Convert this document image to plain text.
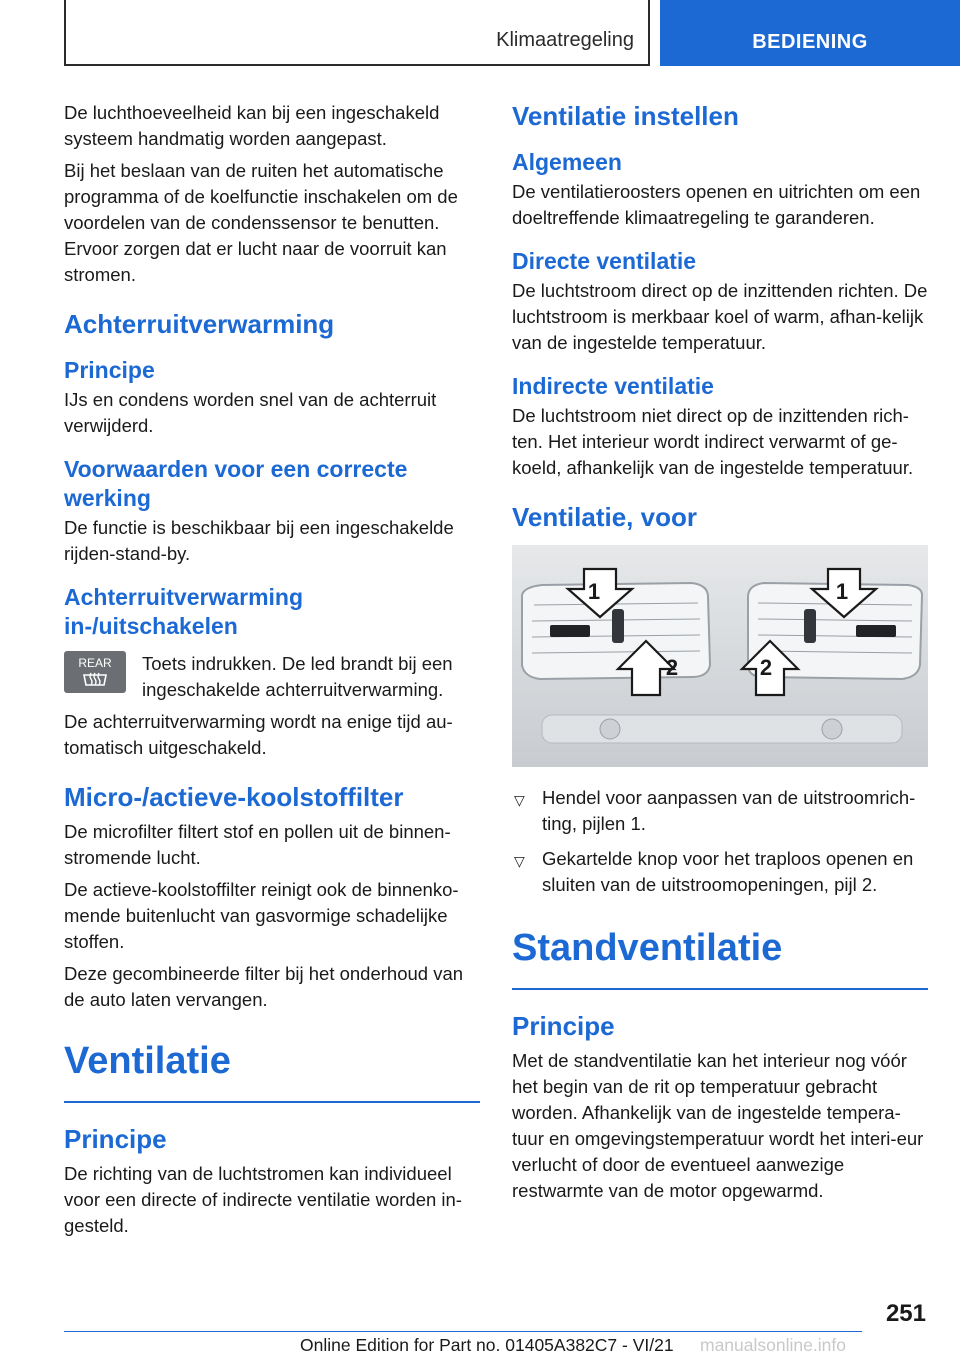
Klimaatregeling	BEDIENING

De luchthoeveelheid kan bij een ingeschakeld systeem handmatig worden aangepast.

Bij het beslaan van de ruiten het automatische programma of de koelfunctie inschakelen om de voordelen van de condenssensor te benutten. Ervoor zorgen dat er lucht naar de voorruit kan stromen.

Achterruitverwarming
Principe

IJs en condens worden snel van de achterruit verwijderd.

Voorwaarden voor een correcte werking

De functie is beschikbaar bij een ingeschakelde rijden-stand-by.

Achterruitverwarming in-/uitschakelen
REAR Toets indrukken. De led brandt bij een ingeschakelde achterruitverwarming.

De achterruitverwarming wordt na enige tijd au-tomatisch uitgeschakeld.

Micro-/actieve-koolstoffilter

De microfilter filtert stof en pollen uit de binnen-stromende lucht.

De actieve-koolstoffilter reinigt ook de binnenko-mende buitenlucht van gasvormige schadelijke stoffen.

Deze gecombineerde filter bij het onderhoud van de auto laten vervangen.

Ventilatie
Principe

De richting van de luchtstromen kan individueel voor een directe of indirecte ventilatie worden in-gesteld.

Ventilatie instellen
Algemeen

De ventilatieroosters openen en uitrichten om een doeltreffende klimaatregeling te garanderen.

Directe ventilatie

De luchtstroom direct op de inzittenden richten. De luchtstroom is merkbaar koel of warm, afhan-kelijk van de ingestelde temperatuur.

Indirecte ventilatie

De luchtstroom niet direct op de inzittenden rich-ten. Het interieur wordt indirect verwarmt of ge-koeld, afhankelijk van de ingestelde temperatuur.

Ventilatie, voor
1	1
2	2
▽ Hendel voor aanpassen van de uitstroomrich-ting, pijlen 1.
▽ Gekartelde knop voor het traploos openen en sluiten van de uitstroomopeningen, pijl 2.
Standventilatie
Principe

Met de standventilatie kan het interieur nog vóór het begin van de rit op temperatuur gebracht worden. Afhankelijk van de ingestelde tempera-tuur en omgevingstemperatuur wordt het interi-eur verlucht of door de eventueel aanwezige restwarmte van de motor opgewarmd.

251
Online Edition for Part no. 01405A382C7 - VI/21 manualsonline.info
